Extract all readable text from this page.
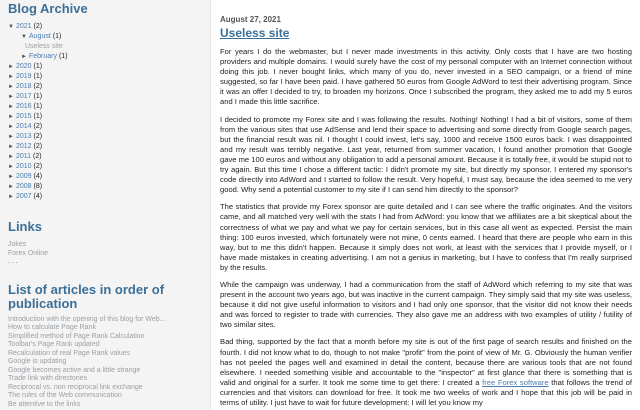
Blog Archive
▼ 2021 (2)
▼ August (1)
Useless site
► February (1)
► 2020 (1)
► 2019 (1)
► 2018 (2)
► 2017 (1)
► 2016 (1)
► 2015 (1)
► 2014 (2)
► 2013 (2)
► 2012 (2)
► 2011 (2)
► 2010 (2)
► 2009 (4)
► 2008 (8)
► 2007 (4)
Links
Jokes
Forex Online
. . .
List of articles in order of publication
Introduction with the opening of this blog for Web...
How to calculate Page Rank
Simplified method of Page Rank Calculation
Toolbar's Page Rank updated
Recalculation of real Page Rank values
Google is updating
Google becomes active and a little strange
Trade link with directories
Reciprocal vs. non reciprocal link exchange
The rules of the Web communication
Be attentive to the links
August 27, 2021
Useless site

For years I do the webmaster, but I never made investments in this activity. Only costs that I have are two hosting providers and multiple domains. I would surely have the cost of my personal computer with an Internet connection without doing this job. I never bought links, which many of you do, never invested in a SEO campaign, or a friend of mine suggested, so far I have been paid. I have gathered 50 euros from Google AdWord to test their advertising program. Since it was an offer I decided to try, to broaden my horizons. Once I subscribed the program, they asked me to add my 5 euros and I made this little sacrifice.

I decided to promote my Forex site and I was following the results. Nothing! Nothing! I had a bit of visitors, some of them from the various sites that use AdSense and lend their space to advertising and some directly from Google search pages, but the financial result was nil. I thought I could invest, let's say, 1000 and receive 1500 euros back. I was disappointed and my result was terribly negative. Last year, returned from summer vacation, I found another promotion that Google gave me 100 euros and without any obligation to add a personal amount. Because it is totally free, it would be stupid not to try again. But this time I chose a different tactic: I didn't promote my site, but directly my sponsor. I entered my sponsor's code directly into AdWord and I started to follow the result. Very hopeful, I must say, because the idea seemed to me very good. Why send a potential customer to my site if I can send him directly to the sponsor?

The statistics that provide my Forex sponsor are quite detailed and I can see where the traffic originates. And the visitors came, and all matched very well with the stats I had from AdWord: you know that we affiliates are a bit skeptical about the correctness of what we pay and what we pay for certain services, but in this case all went as expected. Persist the main thing: 100 euros invested, which fortunately were not mine, 0 cents earned. I heard that there are people who earn in this way, but to me this didn't happen. Because it simply does not work, at least with the services that I provide myself, or I have made mistakes in creating advertising. I am not a genius in marketing, but I have to confess that I'm really surprised by the results.

While the campaign was underway, I had a communication from the staff of AdWord which referring to my site that was present in the account two years ago, but was inactive in the current campaign. They simply said that my site was useless, because it did not give useful information to visitors and I had only one sponsor, that the visitor did not know their needs and was forced to register to trade with currencies. They also gave me an address with two examples of utility / futility of two similar sites.

Bad thing, supported by the fact that a month before my site is out of the first page of search results and finished on the fourth. I did not know what to do, though to not make "profit" from the point of view of Mr. G. Obviously the human verifier has not peeled the pages well and examined in detail the content, because there are various tools that are not found elsewhere. I needed something visible and accountable to the "inspector" at first glance that there is something that is valid and original for a surfer. It took me some time to get there: I created a free Forex software that follows the trend of currencies and that visitors can download for free. It took me two weeks of work and I hope that this job will be paid in terms of utility. I just have to wait for future development: I will let you know my
